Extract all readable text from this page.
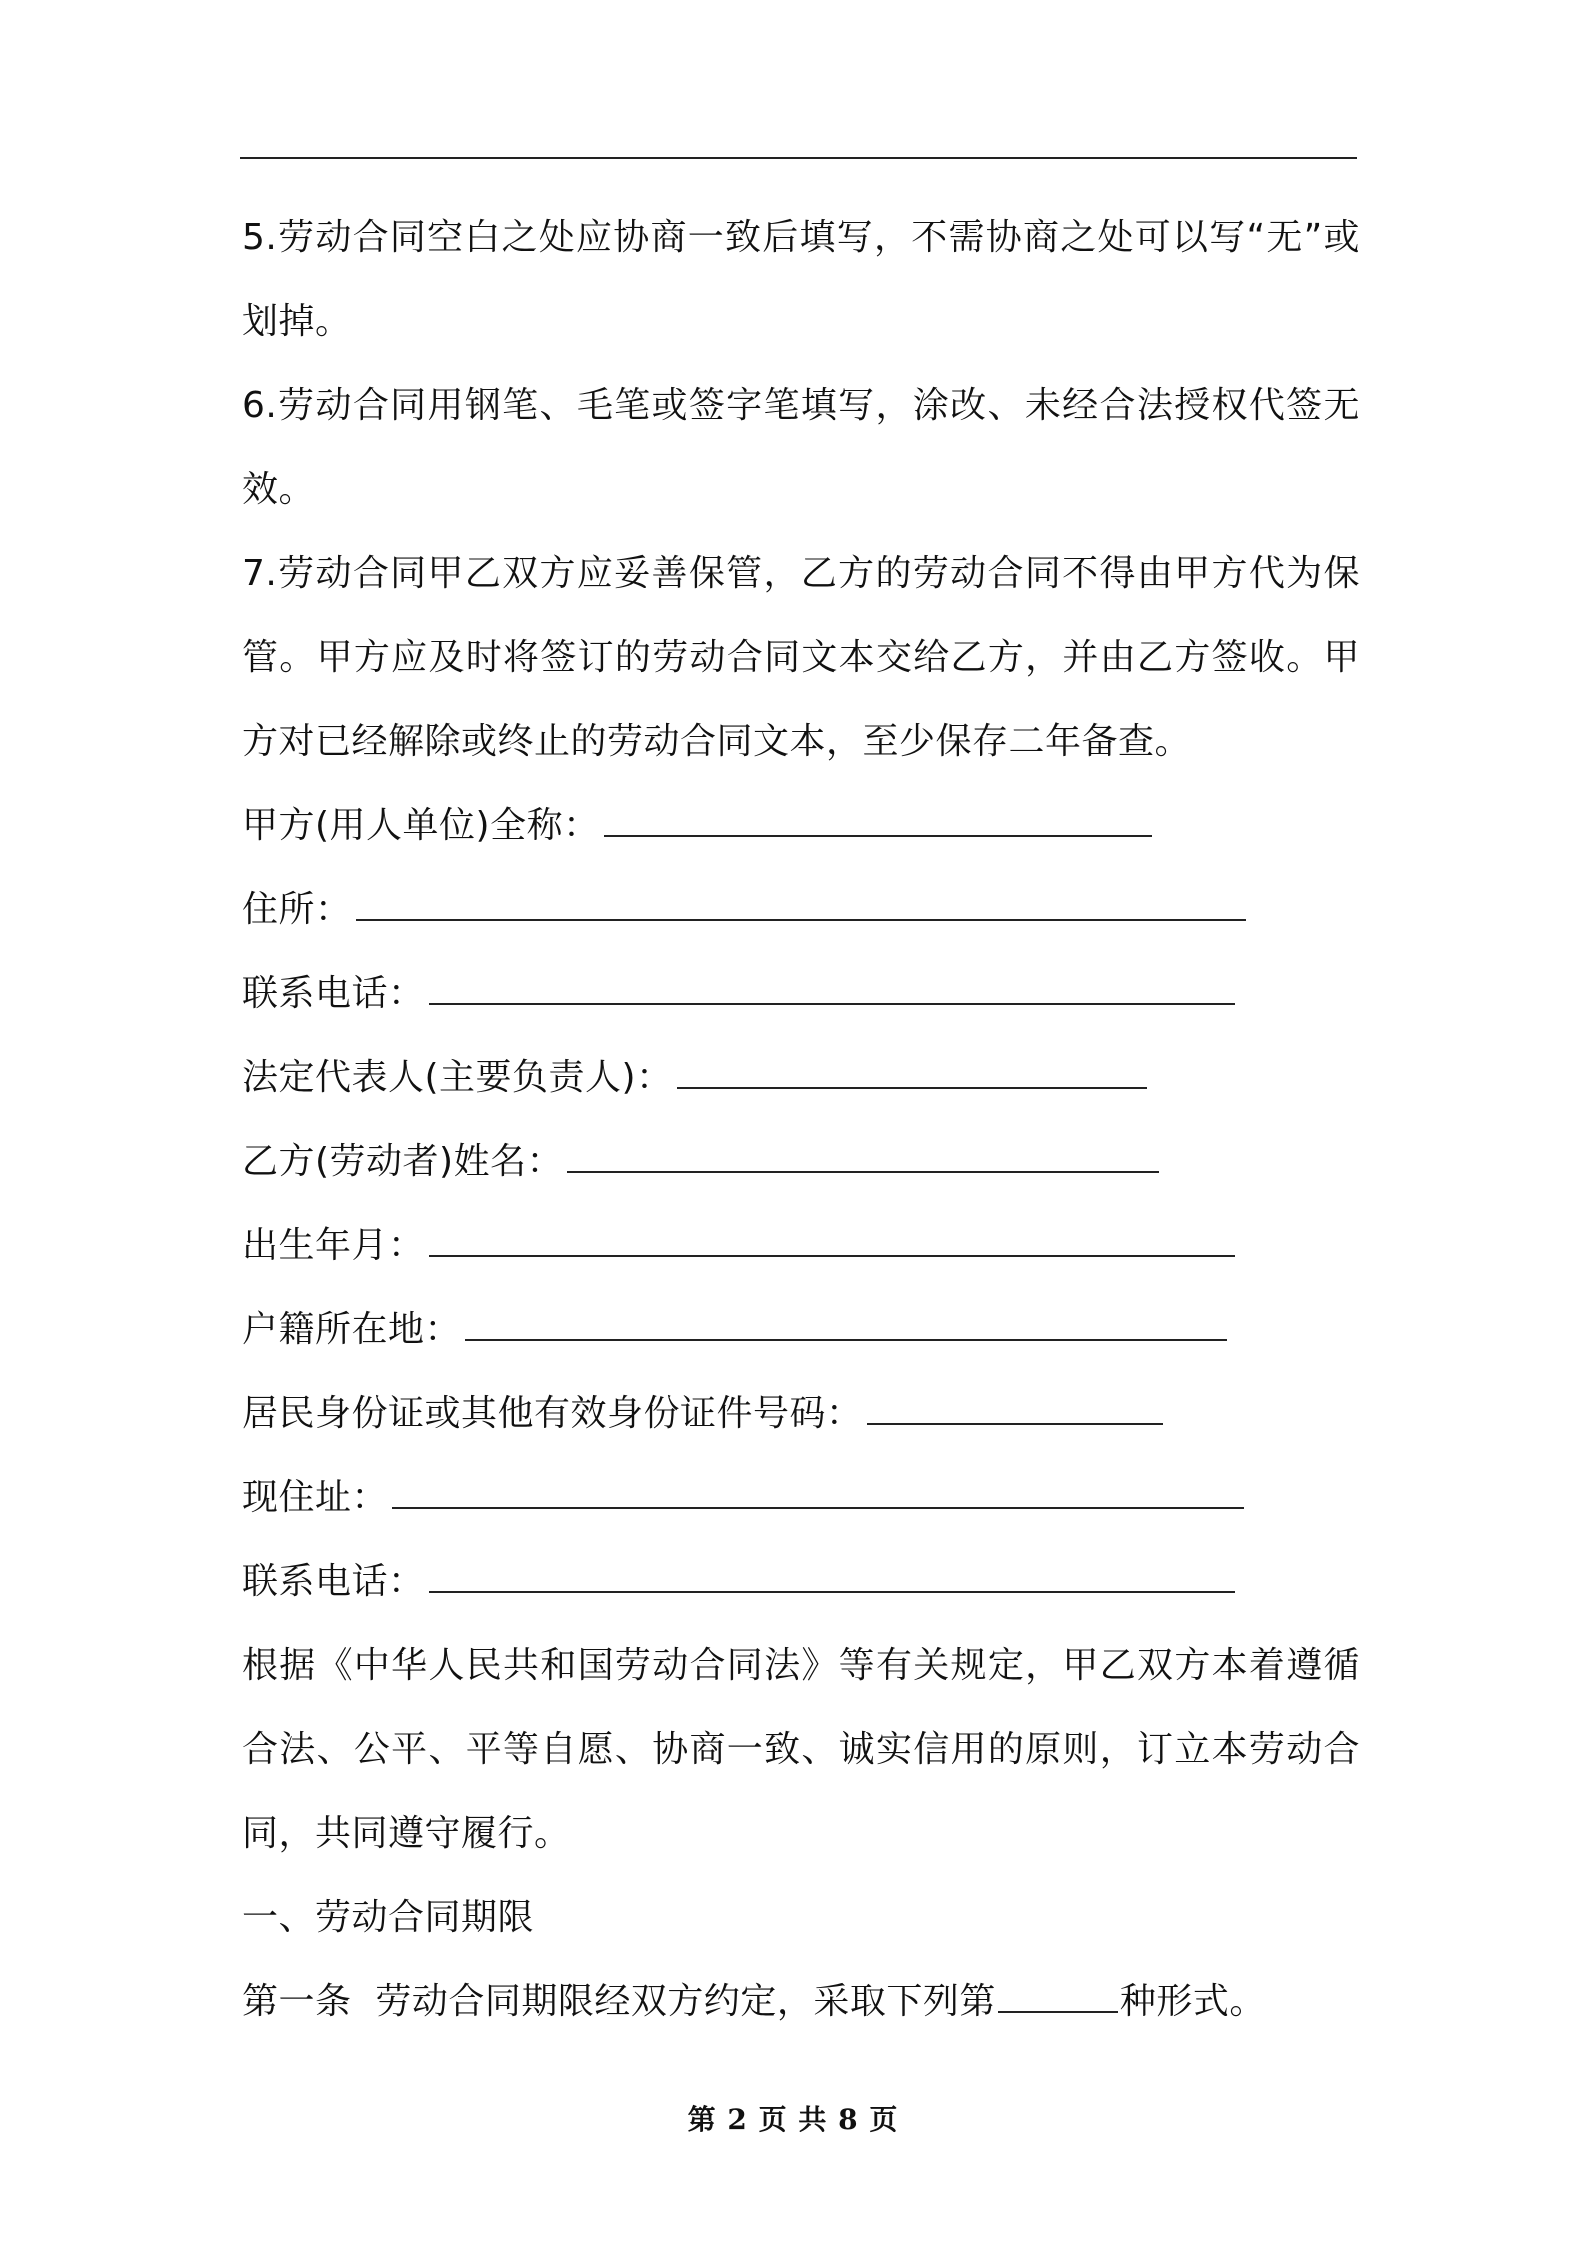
5.劳动合同空白之处应协商一致后填写，不需协商之处可以写“无”或划掉。

6.劳动合同用钢笔、毛笔或签字笔填写，涂改、未经合法授权代签无效。

7.劳动合同甲乙双方应妥善保管，乙方的劳动合同不得由甲方代为保管。甲方应及时将签订的劳动合同文本交给乙方，并由乙方签收。甲方对已经解除或终止的劳动合同文本，至少保存二年备查。

甲方(用人单位)全称：

住所：

联系电话：

法定代表人(主要负责人)：

乙方(劳动者)姓名：

出生年月：

户籍所在地：

居民身份证或其他有效身份证件号码：

现住址：

联系电话：

根据《中华人民共和国劳动合同法》等有关规定，甲乙双方本着遵循合法、公平、平等自愿、协商一致、诚实信用的原则，订立本劳动合同，共同遵守履行。

一、劳动合同期限

第一条  劳动合同期限经双方约定，采取下列第	种形式。

第 2 页 共 8 页
